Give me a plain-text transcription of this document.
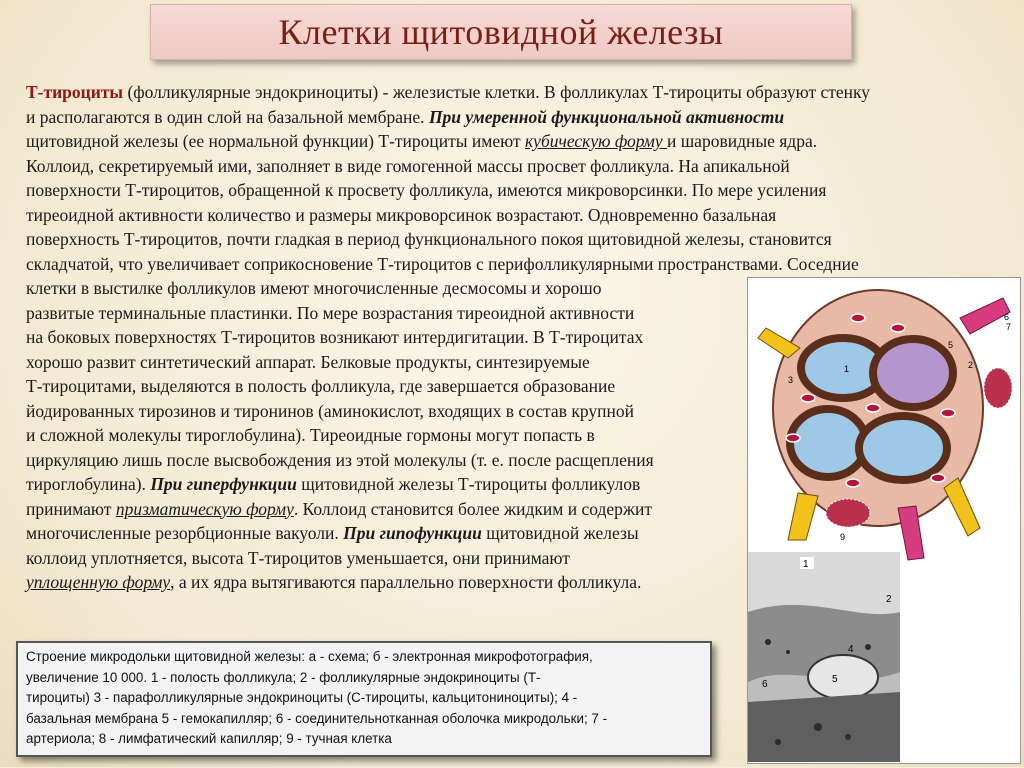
Клетки щитовидной железы
Т-тироциты (фолликулярные эндокриноциты) - железистые клетки. В фолликулах Т-тироциты образуют стенку
и располагаются в один слой на базальной мембране. При умеренной функциональной активности
щитовидной железы (ее нормальной функции) Т-тироциты имеют кубическую форму и шаровидные ядра.
Коллоид, секретируемый ими, заполняет в виде гомогенной массы просвет фолликула. На апикальной
поверхности Т-тироцитов, обращенной к просвету фолликула, имеются микроворсинки. По мере усиления
тиреоидной активности количество и размеры микроворсинок возрастают. Одновременно базальная
поверхность Т-тироцитов, почти гладкая в период функционального покоя щитовидной железы, становится
складчатой, что увеличивает соприкосновение Т-тироцитов с перифолликулярными пространствами. Соседние
клетки в выстилке фолликулов имеют многочисленные десмосомы и хорошо
развитые терминальные пластинки. По мере возрастания тиреоидной активности
на боковых поверхностях Т-тироцитов возникают интердигитации. В Т-тироцитах
хорошо развит синтетический аппарат. Белковые продукты, синтезируемые
Т-тироцитами, выделяются в полость фолликула, где завершается образование
йодированных тирозинов и тиронинов (аминокислот, входящих в состав крупной
и сложной молекулы тироглобулина). Тиреоидные гормоны могут попасть в
циркуляцию лишь после высвобождения из этой молекулы (т. е. после расщепления
тироглобулина). При гиперфункции щитовидной железы Т-тироциты фолликулов
принимают призматическую форму. Коллоид становится более жидким и содержит
многочисленные резорбционные вакуоли. При гипофункции щитовидной железы
коллоид уплотняется, высота Т-тироцитов уменьшается, они принимают
уплощенную форму, а их ядра вытягиваются параллельно поверхности фолликула.
1	2
3
5
6
7
9
1
2
4
5
6
Строение микродольки щитовидной железы: а - схема; б - электронная микрофотография,
увеличение 10 000. 1 - полость фолликула; 2 - фолликулярные эндокриноциты (Т-
тироциты) 3 - парафолликулярные эндокриноциты (С-тироциты, кальцитониноциты); 4 -
базальная мембрана 5 - гемокапилляр; 6 - соединительнотканная оболочка микродольки; 7 -
артериола; 8 - лимфатический капилляр; 9 - тучная клетка
